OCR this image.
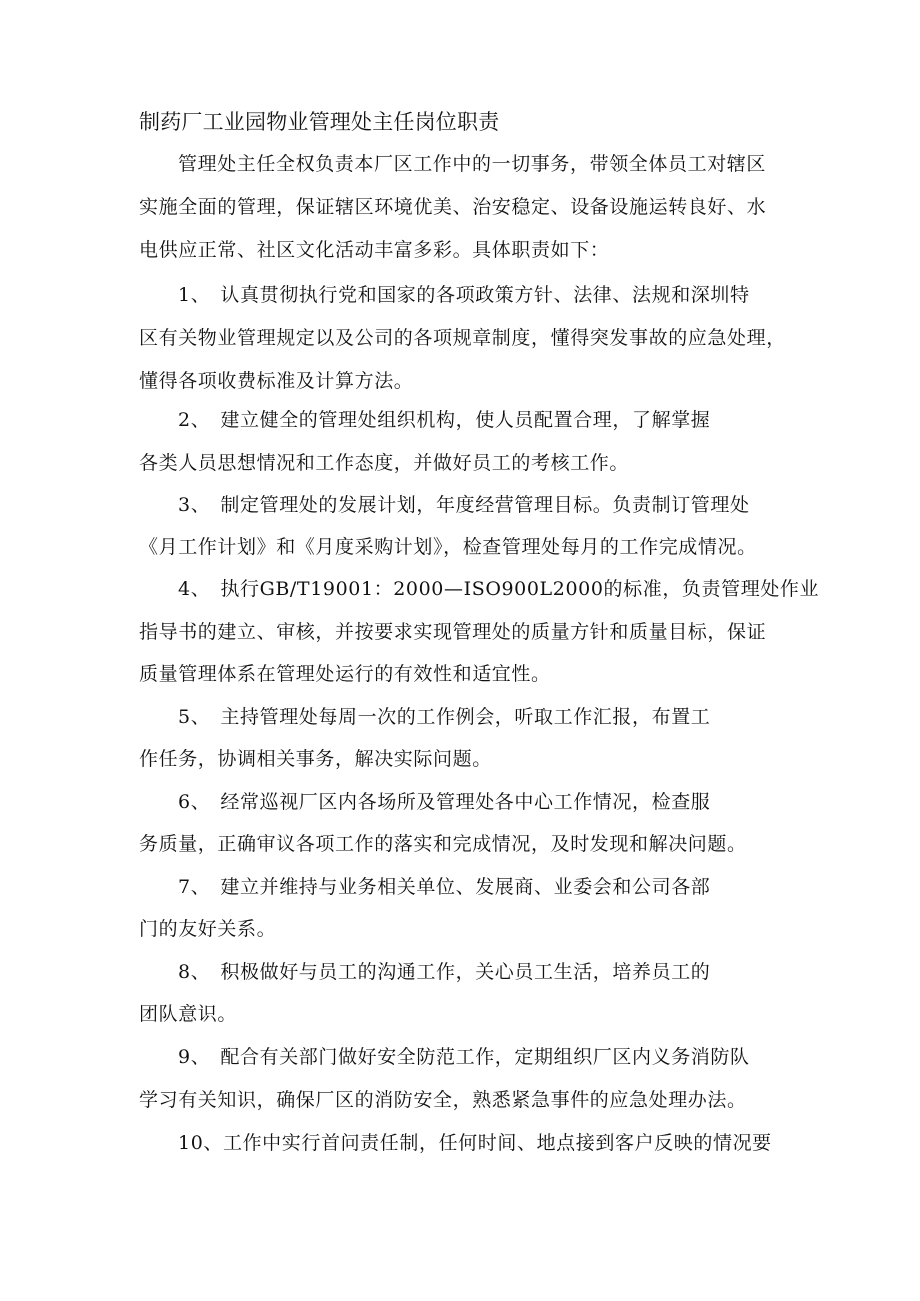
制药厂工业园物业管理处主任岗位职责
管理处主任全权负责本厂区工作中的一切事务，带领全体员工对辖区
实施全面的管理，保证辖区环境优美、治安稳定、设备设施运转良好、水
电供应正常、社区文化活动丰富多彩。具体职责如下：
1、　认真贯彻执行党和国家的各项政策方针、法律、法规和深圳特
区有关物业管理规定以及公司的各项规章制度，懂得突发事故的应急处理，
懂得各项收费标准及计算方法。
2、　建立健全的管理处组织机构，使人员配置合理，了解掌握
各类人员思想情况和工作态度，并做好员工的考核工作。
3、　制定管理处的发展计划，年度经营管理目标。负责制订管理处
《月工作计划》和《月度采购计划》，检查管理处每月的工作完成情况。
4、　执行GB/T19001：2000—ISO900L2000的标准，负责管理处作业
指导书的建立、审核，并按要求实现管理处的质量方针和质量目标，保证
质量管理体系在管理处运行的有效性和适宜性。
5、　主持管理处每周一次的工作例会，听取工作汇报，布置工
作任务，协调相关事务，解决实际问题。
6、　经常巡视厂区内各场所及管理处各中心工作情况，检查服
务质量，正确审议各项工作的落实和完成情况，及时发现和解决问题。
7、　建立并维持与业务相关单位、发展商、业委会和公司各部
门的友好关系。
8、　积极做好与员工的沟通工作，关心员工生活，培养员工的
团队意识。
9、　配合有关部门做好安全防范工作，定期组织厂区内义务消防队
学习有关知识，确保厂区的消防安全，熟悉紧急事件的应急处理办法。
10、工作中实行首问责任制，任何时间、地点接到客户反映的情况要
